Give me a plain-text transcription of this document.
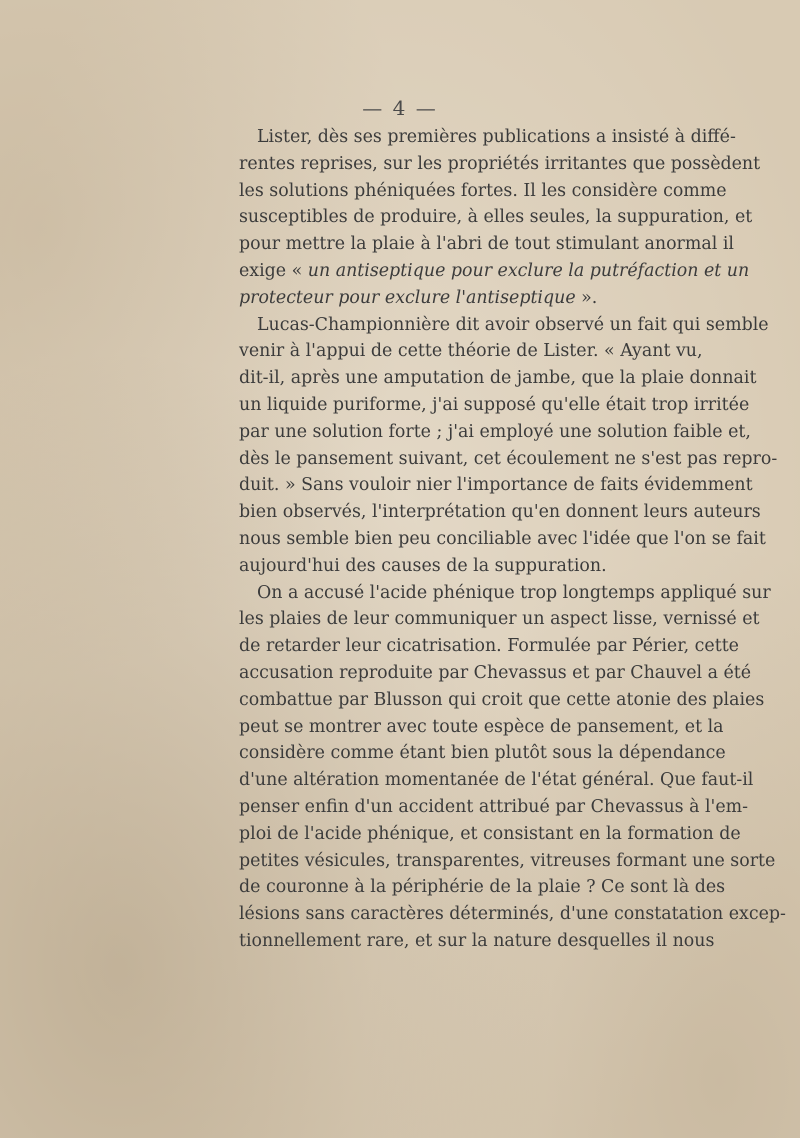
— 4 —
Lister, dès ses premières publications a insisté à diffé-
rentes reprises, sur les propriétés irritantes que possèdent
les solutions phéniquées fortes. Il les considère comme
susceptibles de produire, à elles seules, la suppuration, et
pour mettre la plaie à l'abri de tout stimulant anormal il
exige « un antiseptique pour exclure la putréfaction et un
protecteur pour exclure l'antiseptique ».
Lucas-Championnière dit avoir observé un fait qui semble
venir à l'appui de cette théorie de Lister. « Ayant vu,
dit-il, après une amputation de jambe, que la plaie donnait
un liquide puriforme, j'ai supposé qu'elle était trop irritée
par une solution forte ; j'ai employé une solution faible et,
dès le pansement suivant, cet écoulement ne s'est pas repro-
duit. » Sans vouloir nier l'importance de faits évidemment
bien observés, l'interprétation qu'en donnent leurs auteurs
nous semble bien peu conciliable avec l'idée que l'on se fait
aujourd'hui des causes de la suppuration.
On a accusé l'acide phénique trop longtemps appliqué sur
les plaies de leur communiquer un aspect lisse, vernissé et
de retarder leur cicatrisation. Formulée par Périer, cette
accusation reproduite par Chevassus et par Chauvel a été
combattue par Blusson qui croit que cette atonie des plaies
peut se montrer avec toute espèce de pansement, et la
considère comme étant bien plutôt sous la dépendance
d'une altération momentanée de l'état général. Que faut-il
penser enfin d'un accident attribué par Chevassus à l'em-
ploi de l'acide phénique, et consistant en la formation de
petites vésicules, transparentes, vitreuses formant une sorte
de couronne à la périphérie de la plaie ? Ce sont là des
lésions sans caractères déterminés, d'une constatation excep-
tionnellement rare, et sur la nature desquelles il nous
